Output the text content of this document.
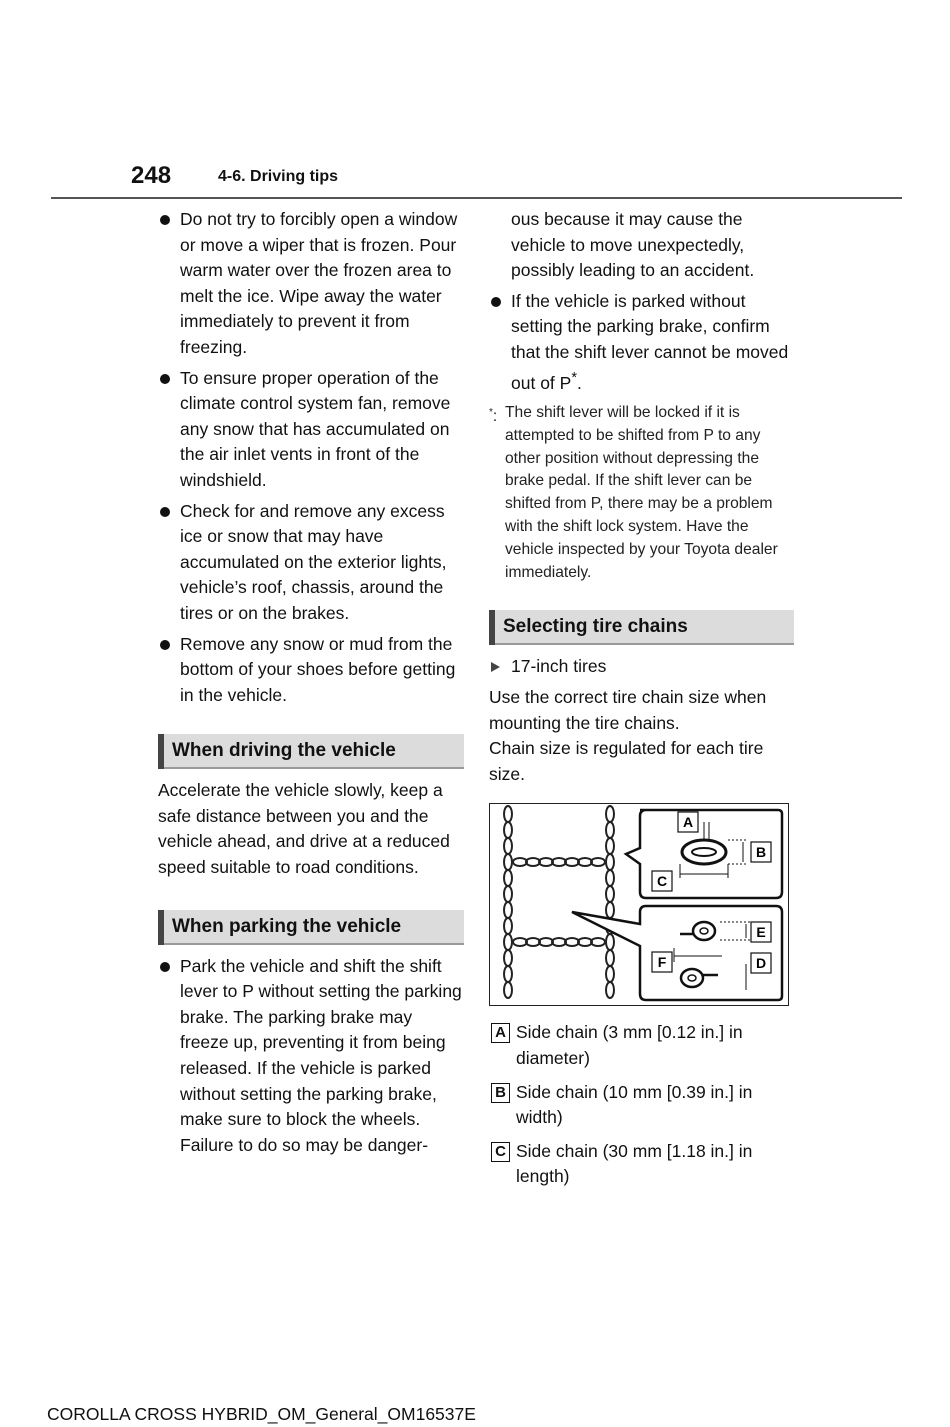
248	4-6. Driving tips
Do not try to forcibly open a window or move a wiper that is frozen. Pour warm water over the frozen area to melt the ice. Wipe away the water immediately to prevent it from freezing.
To ensure proper operation of the climate control system fan, remove any snow that has accumulated on the air inlet vents in front of the windshield.
Check for and remove any excess ice or snow that may have accumulated on the exterior lights, vehicle’s roof, chassis, around the tires or on the brakes.
Remove any snow or mud from the bottom of your shoes before getting in the vehicle.
When driving the vehicle

Accelerate the vehicle slowly, keep a safe distance between you and the vehicle ahead, and drive at a reduced speed suitable to road conditions.

When parking the vehicle
Park the vehicle and shift the shift lever to P without setting the parking brake. The parking brake may freeze up, preventing it from being released. If the vehicle is parked without setting the parking brake, make sure to block the wheels.
Failure to do so may be danger-
ous because it may cause the vehicle to move unexpectedly, possibly leading to an accident.
If the vehicle is parked without setting the parking brake, confirm that the shift lever cannot be moved out of P*.
*: The shift lever will be locked if it is attempted to be shifted from P to any other position without depressing the brake pedal. If the shift lever can be shifted from P, there may be a problem with the shift lock system. Have the vehicle inspected by your Toyota dealer immediately.
Selecting tire chains
17-inch tires

Use the correct tire chain size when mounting the tire chains.

Chain size is regulated for each tire size.

A
B
C
D
E
F
A Side chain (3 mm [0.12 in.] in diameter)
B Side chain (10 mm [0.39 in.] in width)
C Side chain (30 mm [1.18 in.] in length)
COROLLA CROSS HYBRID_OM_General_OM16537E
